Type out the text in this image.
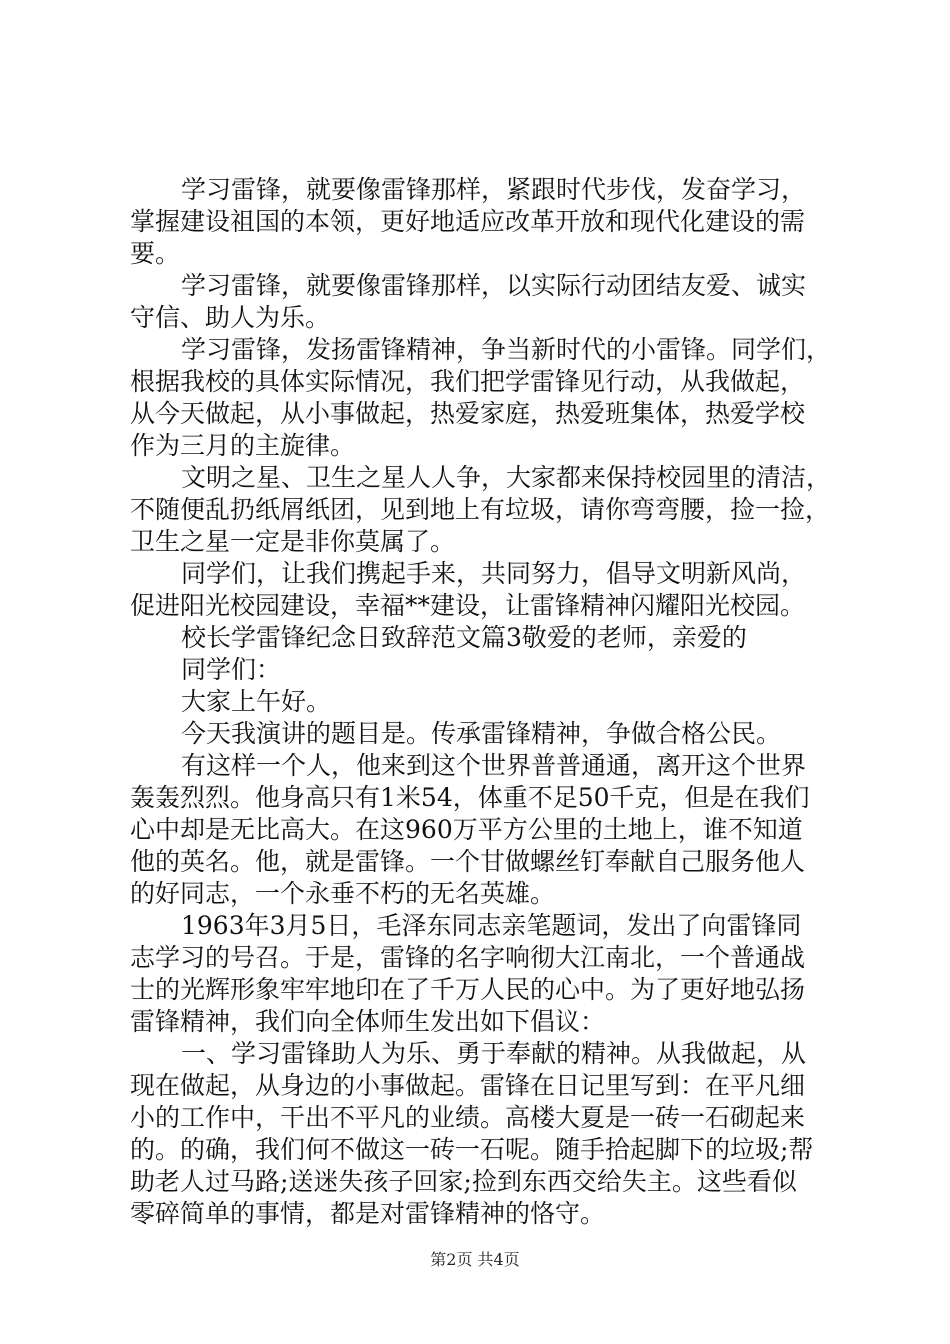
学习雷锋，就要像雷锋那样，紧跟时代步伐，发奋学习，
掌握建设祖国的本领，更好地适应改革开放和现代化建设的需
要。
学习雷锋，就要像雷锋那样，以实际行动团结友爱、诚实
守信、助人为乐。
学习雷锋，发扬雷锋精神，争当新时代的小雷锋。同学们，
根据我校的具体实际情况，我们把学雷锋见行动，从我做起，
从今天做起，从小事做起，热爱家庭，热爱班集体，热爱学校
作为三月的主旋律。
文明之星、卫生之星人人争，大家都来保持校园里的清洁，
不随便乱扔纸屑纸团，见到地上有垃圾，请你弯弯腰，捡一捡，
卫生之星一定是非你莫属了。
同学们，让我们携起手来，共同努力，倡导文明新风尚，
促进阳光校园建设，幸福**建设，让雷锋精神闪耀阳光校园。
校长学雷锋纪念日致辞范文篇3敬爱的老师，亲爱的
同学们：
大家上午好。
今天我演讲的题目是。传承雷锋精神，争做合格公民。
有这样一个人，他来到这个世界普普通通，离开这个世界
轰轰烈烈。他身高只有1米54，体重不足50千克，但是在我们
心中却是无比高大。在这960万平方公里的土地上，谁不知道
他的英名。他，就是雷锋。一个甘做螺丝钉奉献自己服务他人
的好同志，一个永垂不朽的无名英雄。
1963年3月5日，毛泽东同志亲笔题词，发出了向雷锋同
志学习的号召。于是，雷锋的名字响彻大江南北，一个普通战
士的光辉形象牢牢地印在了千万人民的心中。为了更好地弘扬
雷锋精神，我们向全体师生发出如下倡议：
一、学习雷锋助人为乐、勇于奉献的精神。从我做起，从
现在做起，从身边的小事做起。雷锋在日记里写到：在平凡细
小的工作中，干出不平凡的业绩。高楼大夏是一砖一石砌起来
的。的确，我们何不做这一砖一石呢。随手拾起脚下的垃圾;帮
助老人过马路;送迷失孩子回家;捡到东西交给失主。这些看似
零碎简单的事情，都是对雷锋精神的恪守。
第2页 共4页
